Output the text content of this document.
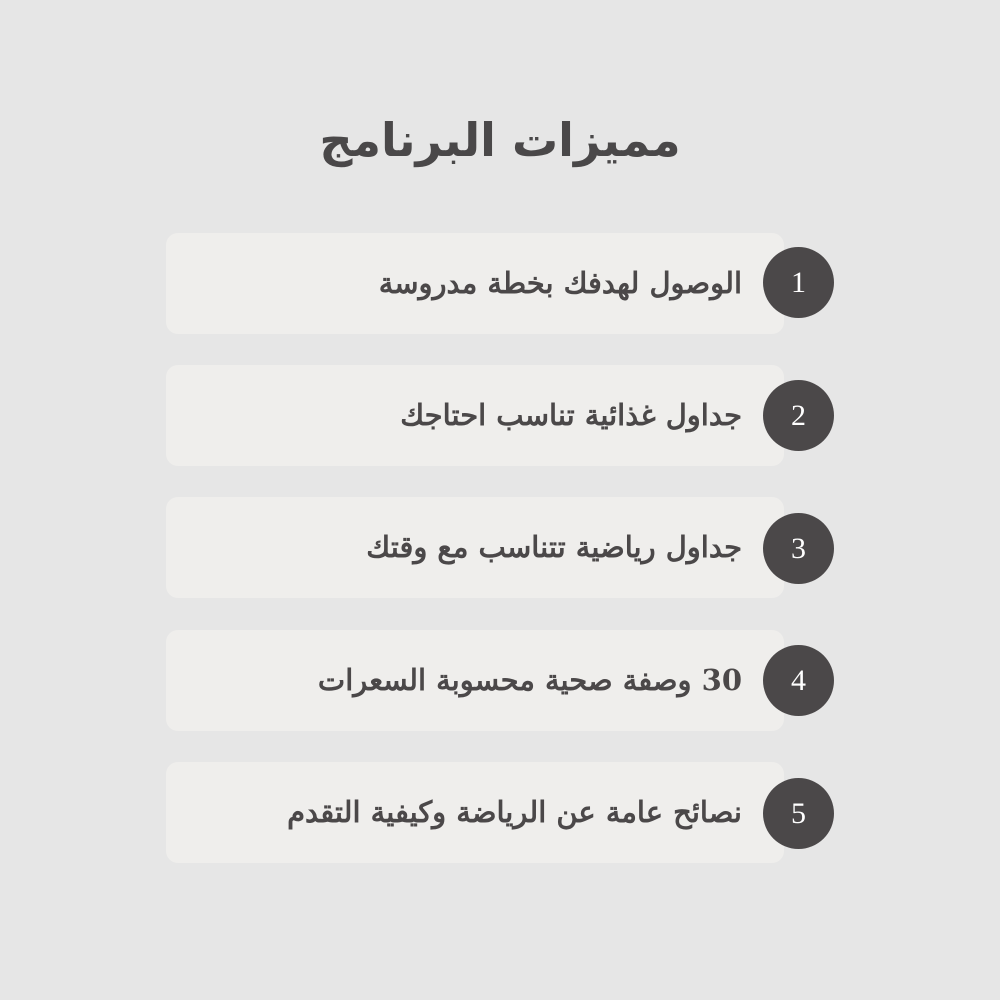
مميزات البرنامج
الوصول لهدفك بخطة مدروسة	1
جداول غذائية تناسب احتاجك	2
جداول رياضية تتناسب مع وقتك	3
30 وصفة صحية محسوبة السعرات	4
نصائح عامة عن الرياضة وكيفية التقدم	5
